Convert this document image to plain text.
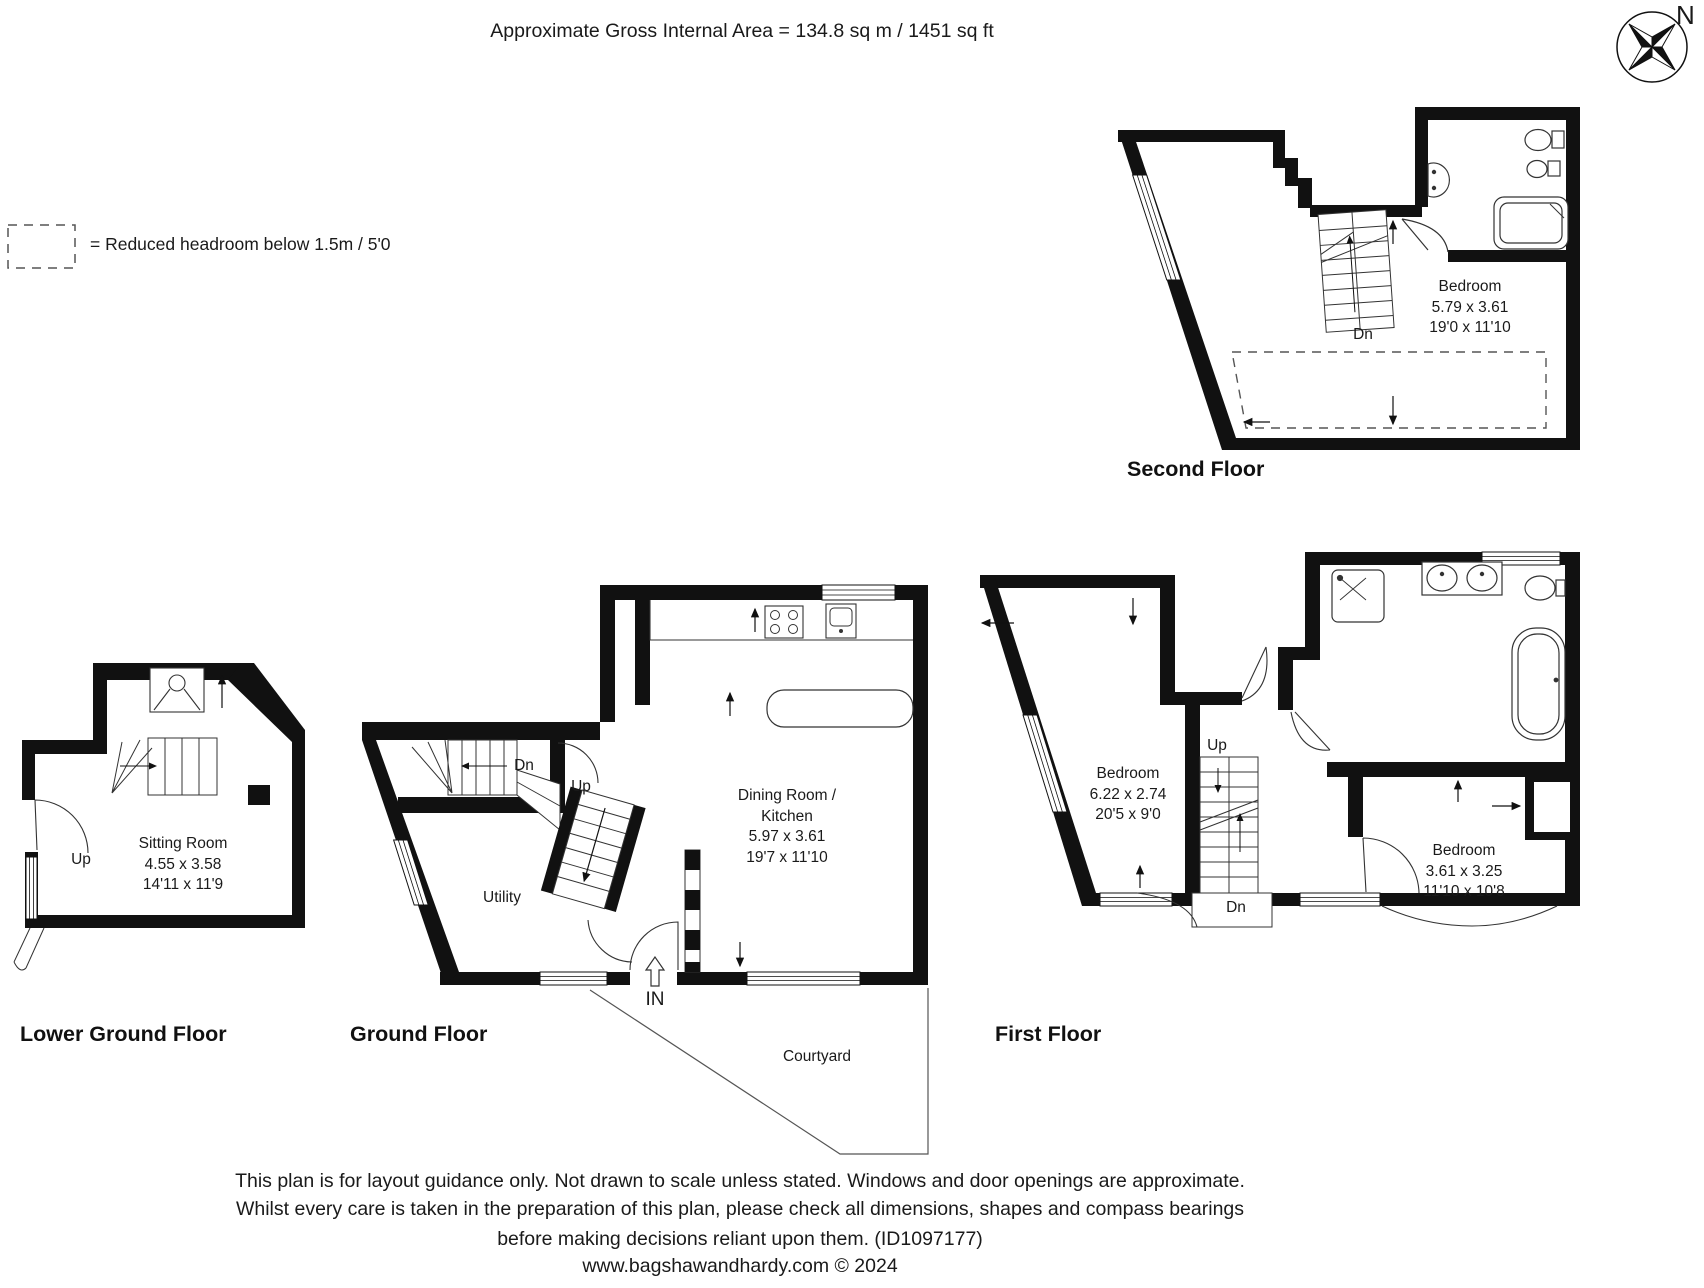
Approximate Gross Internal Area = 134.8 sq m / 1451 sq ft
N
= Reduced headroom below 1.5m / 5'0
Bedroom
5.79 x 3.61
19'0 x 11'10
Dn
Second Floor
Bedroom
6.22 x 2.74
20'5 x 9'0
Bedroom
3.61 x 3.25
11'10 x 10'8
Up
Dn
First Floor
Dining Room /
Kitchen
5.97 x 3.61
19'7 x 11'10
Utility
Dn
Up
IN
Courtyard
Ground Floor
Sitting Room
4.55 x 3.58
14'11 x 11'9
Up
Lower Ground Floor
This plan is for layout guidance only. Not drawn to scale unless stated. Windows and door openings are approximate.
Whilst every care is taken in the preparation of this plan, please check all dimensions, shapes and compass bearings
before making decisions reliant upon them. (ID1097177)
www.bagshawandhardy.com © 2024
